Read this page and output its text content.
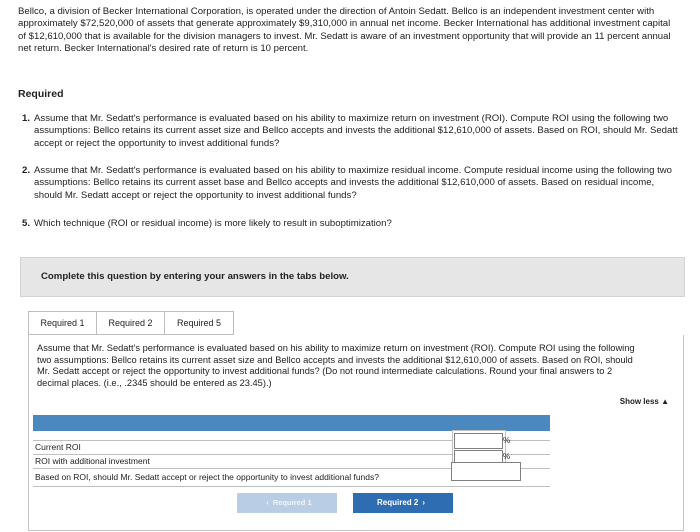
Bellco, a division of Becker International Corporation, is operated under the direction of Antoin Sedatt. Bellco is an independent investment center with approximately $72,520,000 of assets that generate approximately $9,310,000 in annual net income. Becker International has additional investment capital of $12,610,000 that is available for the division managers to invest. Mr. Sedatt is aware of an investment opportunity that will provide an 11 percent annual net return. Becker International's desired rate of return is 10 percent.

Required

1. Assume that Mr. Sedatt's performance is evaluated based on his ability to maximize return on investment (ROI). Compute ROI using the following two assumptions: Bellco retains its current asset size and Bellco accepts and invests the additional $12,610,000 of assets. Based on ROI, should Mr. Sedatt accept or reject the opportunity to invest additional funds?
2. Assume that Mr. Sedatt's performance is evaluated based on his ability to maximize residual income. Compute residual income using the following two assumptions: Bellco retains its current asset base and Bellco accepts and invests the additional $12,610,000 of assets. Based on residual income, should Mr. Sedatt accept or reject the opportunity to invest additional funds?
5. Which technique (ROI or residual income) is more likely to result in suboptimization?
Complete this question by entering your answers in the tabs below.
Required 1	Required 2	Required 5

Assume that Mr. Sedatt's performance is evaluated based on his ability to maximize return on investment (ROI). Compute ROI using the following two assumptions: Bellco retains its current asset size and Bellco accepts and invests the additional $12,610,000 of assets. Based on ROI, should Mr. Sedatt accept or reject the opportunity to invest additional funds? (Do not round intermediate calculations. Round your final answers to 2 decimal places. (i.e., .2345 should be entered as 23.45).)

Show less ▲
Current ROI
ROI with additional investment
Based on ROI, should Mr. Sedatt accept or reject the opportunity to invest additional funds?
%
%
‹ Required 1	Required 2 ›
